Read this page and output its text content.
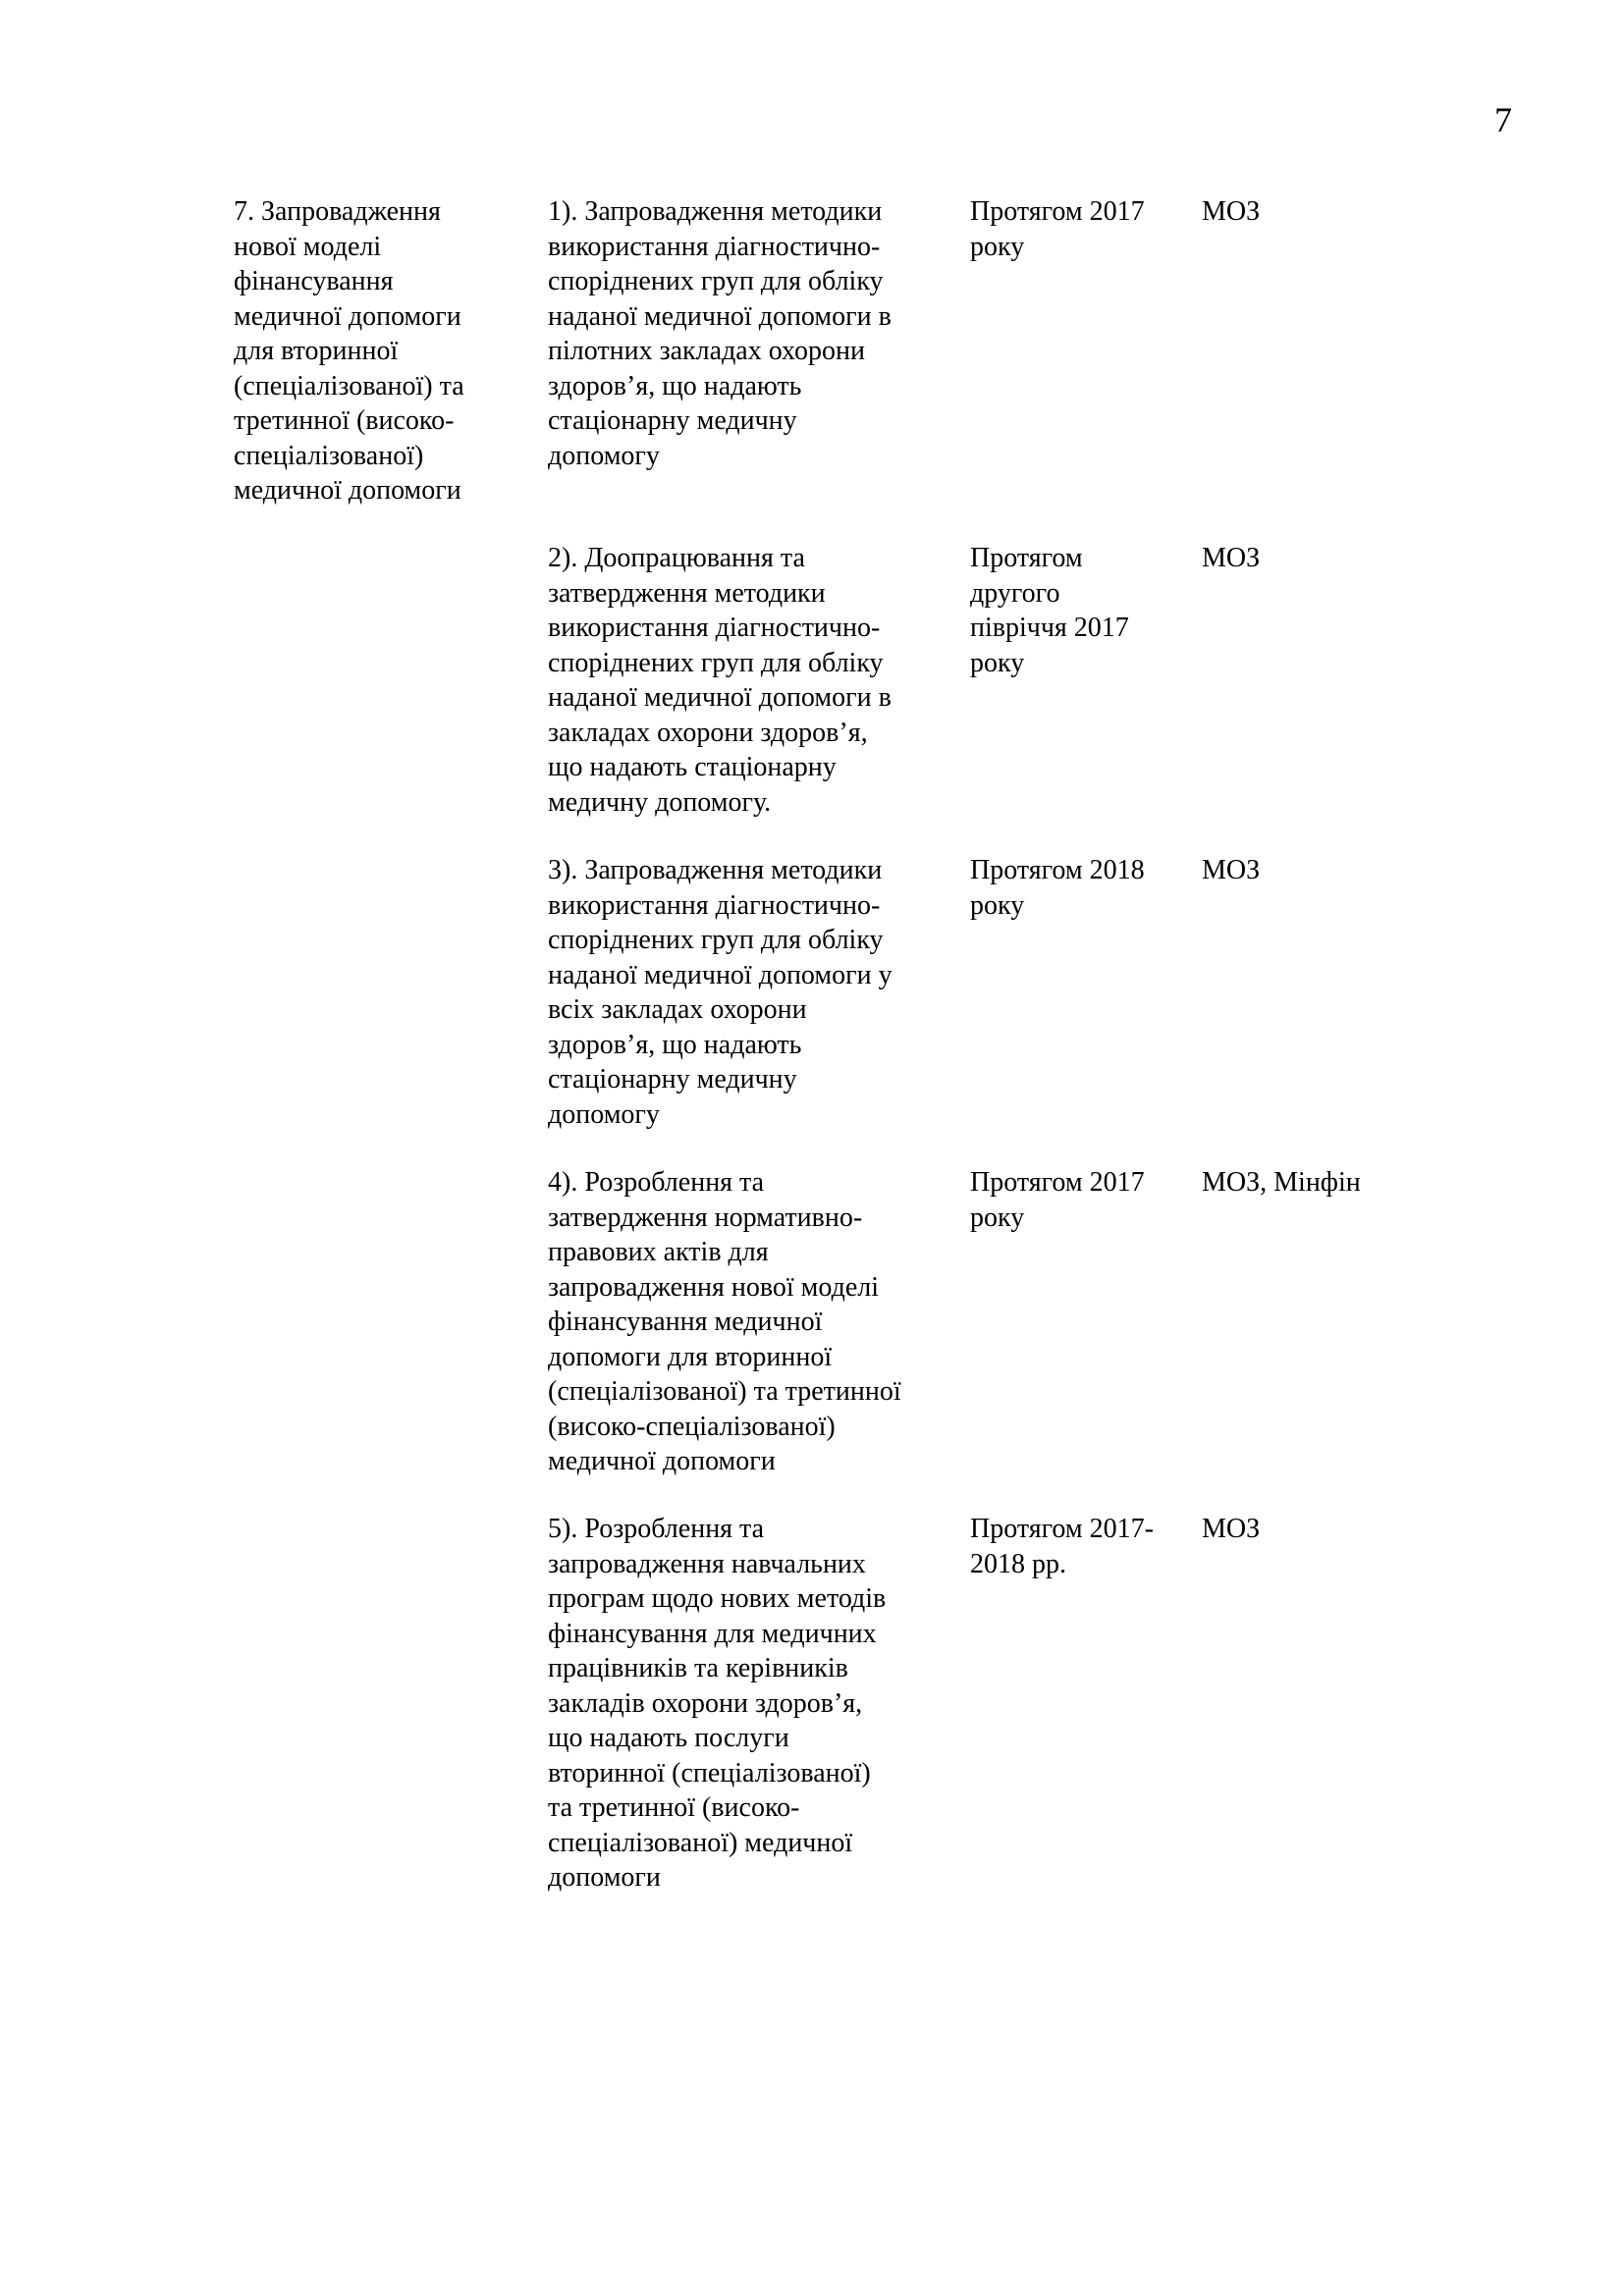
7
7. Запровадження
нової моделі
фінансування
медичної допомоги
для вторинної
(спеціалізованої) та
третинної (високо-
спеціалізованої)
медичної допомоги
1). Запровадження методики
використання діагностично-
споріднених груп для обліку
наданої медичної допомоги в
пілотних закладах охорони
здоров’я, що надають
стаціонарну медичну
допомогу
Протягом 2017
року
МОЗ
2). Доопрацювання та
затвердження методики
використання діагностично-
споріднених груп для обліку
наданої медичної допомоги в
закладах охорони здоров’я,
що надають стаціонарну
медичну допомогу.
Протягом
другого
півріччя 2017
року
МОЗ
3). Запровадження методики
використання діагностично-
споріднених груп для обліку
наданої медичної допомоги у
всіх закладах охорони
здоров’я, що надають
стаціонарну медичну
допомогу
Протягом 2018
року
МОЗ
4). Розроблення та
затвердження нормативно-
правових актів для
запровадження нової моделі
фінансування медичної
допомоги для вторинної
(спеціалізованої) та третинної
(високо-спеціалізованої)
медичної допомоги
Протягом 2017
року
МОЗ, Мінфін
5). Розроблення та
запровадження навчальних
програм щодо нових методів
фінансування для медичних
працівників та керівників
закладів охорони здоров’я,
що надають послуги
вторинної (спеціалізованої)
та третинної (високо-
спеціалізованої) медичної
допомоги
Протягом 2017-
2018 рр.
МОЗ
